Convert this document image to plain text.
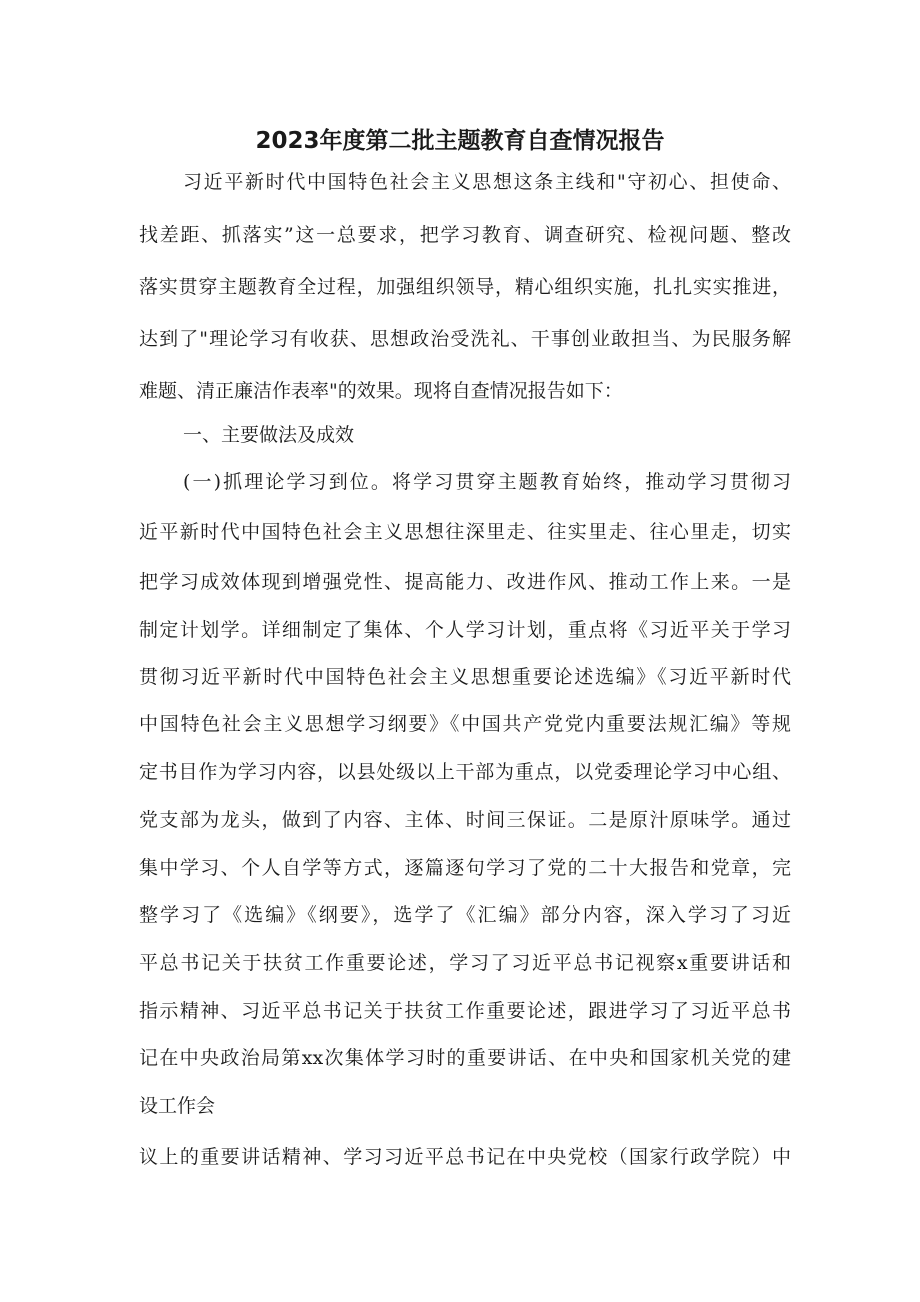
2023年度第二批主题教育自查情况报告
习近平新时代中国特色社会主义思想这条主线和"守初心、担使命、
找差距、抓落实”这一总要求，把学习教育、调查研究、检视问题、整改
落实贯穿主题教育全过程，加强组织领导，精心组织实施，扎扎实实推进，
达到了"理论学习有收获、思想政治受洗礼、干事创业敢担当、为民服务解
难题、清正廉洁作表率"的效果。现将自查情况报告如下：
一、主要做法及成效
(一)抓理论学习到位。将学习贯穿主题教育始终，推动学习贯彻习
近平新时代中国特色社会主义思想往深里走、往实里走、往心里走，切实
把学习成效体现到增强党性、提高能力、改进作风、推动工作上来。一是
制定计划学。详细制定了集体、个人学习计划，重点将《习近平关于学习
贯彻习近平新时代中国特色社会主义思想重要论述选编》《习近平新时代
中国特色社会主义思想学习纲要》《中国共产党党内重要法规汇编》等规
定书目作为学习内容，以县处级以上干部为重点，以党委理论学习中心组、
党支部为龙头，做到了内容、主体、时间三保证。二是原汁原味学。通过
集中学习、个人自学等方式，逐篇逐句学习了党的二十大报告和党章，完
整学习了《选编》《纲要》，选学了《汇编》部分内容，深入学习了习近
平总书记关于扶贫工作重要论述，学习了习近平总书记视察x重要讲话和
指示精神、习近平总书记关于扶贫工作重要论述，跟进学习了习近平总书
记在中央政治局第xx次集体学习时的重要讲话、在中央和国家机关党的建
设工作会
议上的重要讲话精神、学习习近平总书记在中央党校（国家行政学院）中
